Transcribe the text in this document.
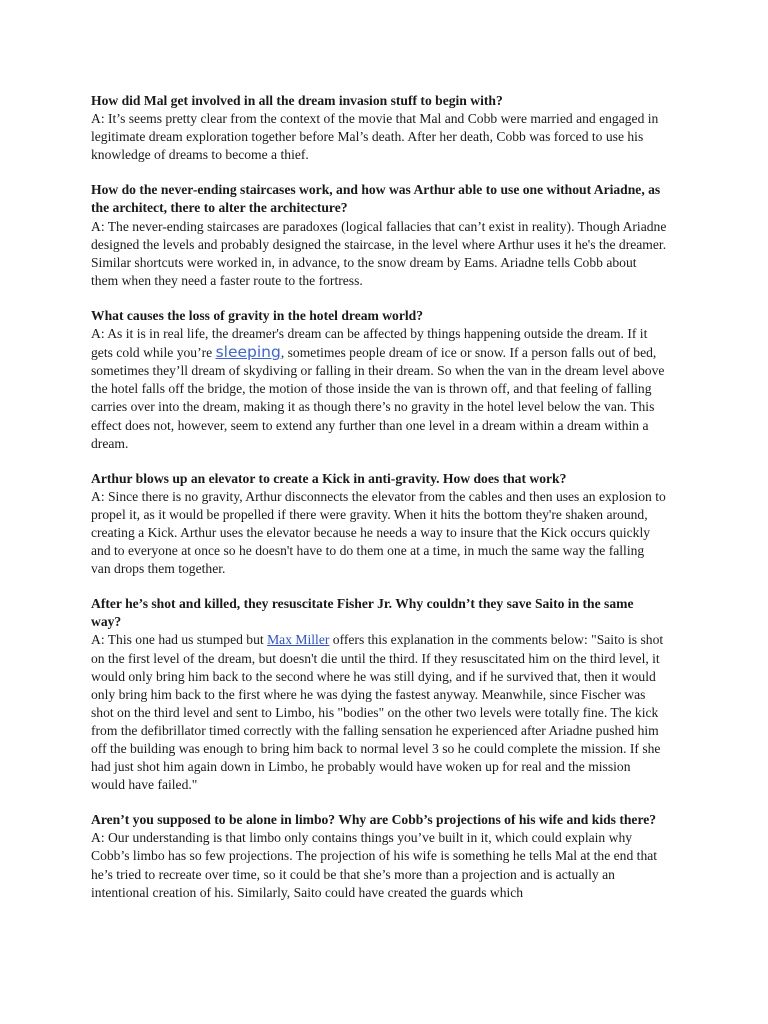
How did Mal get involved in all the dream invasion stuff to begin with?

A: It’s seems pretty clear from the context of the movie that Mal and Cobb were married and engaged in legitimate dream exploration together before Mal’s death. After her death, Cobb was forced to use his knowledge of dreams to become a thief.

How do the never-ending staircases work, and how was Arthur able to use one without Ariadne, as the architect, there to alter the architecture?

A: The never-ending staircases are paradoxes (logical fallacies that can’t exist in reality). Though Ariadne designed the levels and probably designed the staircase, in the level where Arthur uses it he's the dreamer. Similar shortcuts were worked in, in advance, to the snow dream by Eams. Ariadne tells Cobb about them when they need a faster route to the fortress.

What causes the loss of gravity in the hotel dream world?

A: As it is in real life, the dreamer's dream can be affected by things happening outside the dream. If it gets cold while you’re sleeping, sometimes people dream of ice or snow. If a person falls out of bed, sometimes they’ll dream of skydiving or falling in their dream. So when the van in the dream level above the hotel falls off the bridge, the motion of those inside the van is thrown off, and that feeling of falling carries over into the dream, making it as though there’s no gravity in the hotel level below the van. This effect does not, however, seem to extend any further than one level in a dream within a dream within a dream.

Arthur blows up an elevator to create a Kick in anti-gravity. How does that work?

A: Since there is no gravity, Arthur disconnects the elevator from the cables and then uses an explosion to propel it, as it would be propelled if there were gravity. When it hits the bottom they're shaken around, creating a Kick. Arthur uses the elevator because he needs a way to insure that the Kick occurs quickly and to everyone at once so he doesn't have to do them one at a time, in much the same way the falling van drops them together.

After he’s shot and killed, they resuscitate Fisher Jr. Why couldn’t they save Saito in the same way?

A: This one had us stumped but Max Miller offers this explanation in the comments below: "Saito is shot on the first level of the dream, but doesn't die until the third. If they resuscitated him on the third level, it would only bring him back to the second where he was still dying, and if he survived that, then it would only bring him back to the first where he was dying the fastest anyway. Meanwhile, since Fischer was shot on the third level and sent to Limbo, his "bodies" on the other two levels were totally fine. The kick from the defibrillator timed correctly with the falling sensation he experienced after Ariadne pushed him off the building was enough to bring him back to normal level 3 so he could complete the mission. If she had just shot him again down in Limbo, he probably would have woken up for real and the mission would have failed."

Aren’t you supposed to be alone in limbo? Why are Cobb’s projections of his wife and kids there?

A: Our understanding is that limbo only contains things you’ve built in it, which could explain why Cobb’s limbo has so few projections. The projection of his wife is something he tells Mal at the end that he’s tried to recreate over time, so it could be that she’s more than a projection and is actually an intentional creation of his. Similarly, Saito could have created the guards which
